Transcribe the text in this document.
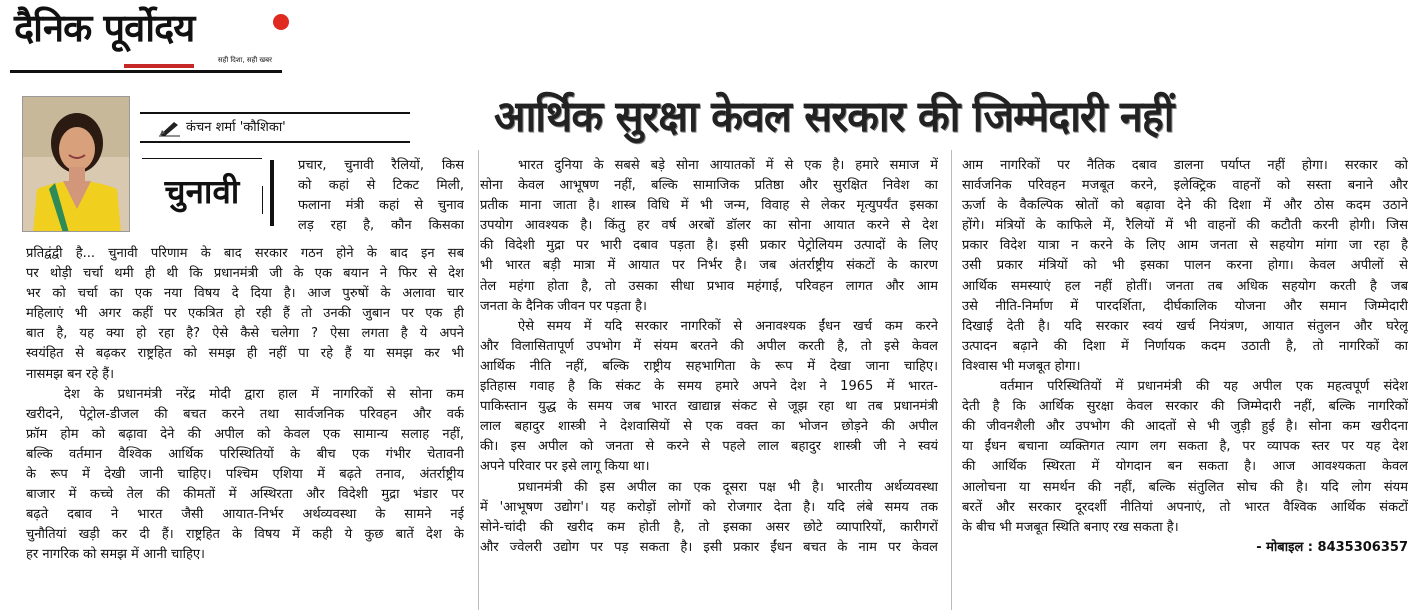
दैनिक पूर्वोदय
सही दिशा, सही खबर
आर्थिक सुरक्षा केवल सरकार की जिम्मेदारी नहीं
कंचन शर्मा 'कौशिका'
चुनावी
प्रचार, चुनावी रैलियों, किस
को कहां से टिकट मिली,
फलाना मंत्री कहां से चुनाव
लड़ रहा है, कौन किसका
प्रतिद्वंद्वी है... चुनावी परिणाम के बाद सरकार गठन होने के बाद इन सब
पर थोड़ी चर्चा थमी ही थी कि प्रधानमंत्री जी के एक बयान ने फिर से देश
भर को चर्चा का एक नया विषय दे दिया है। आज पुरुषों के अलावा चार
महिलाएं भी अगर कहीं पर एकत्रित हो रही हैं तो उनकी जुबान पर एक ही
बात है, यह क्या हो रहा है? ऐसे कैसे चलेगा ? ऐसा लगता है ये अपने
स्वयंहित से बढ़कर राष्ट्रहित को समझ ही नहीं पा रहे हैं या समझ कर भी
नासमझ बन रहे हैं।
देश के प्रधानमंत्री नरेंद्र मोदी द्वारा हाल में नागरिकों से सोना कम
खरीदने, पेट्रोल-डीजल की बचत करने तथा सार्वजनिक परिवहन और वर्क
फ्रॉम होम को बढ़ावा देने की अपील को केवल एक सामान्य सलाह नहीं,
बल्कि वर्तमान वैश्विक आर्थिक परिस्थितियों के बीच एक गंभीर चेतावनी
के रूप में देखी जानी चाहिए। पश्चिम एशिया में बढ़ते तनाव, अंतर्राष्ट्रीय
बाजार में कच्चे तेल की कीमतों में अस्थिरता और विदेशी मुद्रा भंडार पर
बढ़ते दबाव ने भारत जैसी आयात-निर्भर अर्थव्यवस्था के सामने नई
चुनौतियां खड़ी कर दी हैं। राष्ट्रहित के विषय में कही ये कुछ बातें देश के
हर नागरिक को समझ में आनी चाहिए।
भारत दुनिया के सबसे बड़े सोना आयातकों में से एक है। हमारे समाज में
सोना केवल आभूषण नहीं, बल्कि सामाजिक प्रतिष्ठा और सुरक्षित निवेश का
प्रतीक माना जाता है। शास्त्र विधि में भी जन्म, विवाह से लेकर मृत्युपर्यंत इसका
उपयोग आवश्यक है। किंतु हर वर्ष अरबों डॉलर का सोना आयात करने से देश
की विदेशी मुद्रा पर भारी दबाव पड़ता है। इसी प्रकार पेट्रोलियम उत्पादों के लिए
भी भारत बड़ी मात्रा में आयात पर निर्भर है। जब अंतर्राष्ट्रीय संकटों के कारण
तेल महंगा होता है, तो उसका सीधा प्रभाव महंगाई, परिवहन लागत और आम
जनता के दैनिक जीवन पर पड़ता है।
ऐसे समय में यदि सरकार नागरिकों से अनावश्यक ईंधन खर्च कम करने
और विलासितापूर्ण उपभोग में संयम बरतने की अपील करती है, तो इसे केवल
आर्थिक नीति नहीं, बल्कि राष्ट्रीय सहभागिता के रूप में देखा जाना चाहिए।
इतिहास गवाह है कि संकट के समय हमारे अपने देश ने 1965 में भारत-
पाकिस्तान युद्ध के समय जब भारत खाद्यान्न संकट से जूझ रहा था तब प्रधानमंत्री
लाल बहादुर शास्त्री ने देशवासियों से एक वक्त का भोजन छोड़ने की अपील
की। इस अपील को जनता से करने से पहले लाल बहादुर शास्त्री जी ने स्वयं
अपने परिवार पर इसे लागू किया था।
प्रधानमंत्री की इस अपील का एक दूसरा पक्ष भी है। भारतीय अर्थव्यवस्था
में 'आभूषण उद्योग'। यह करोड़ों लोगों को रोजगार देता है। यदि लंबे समय तक
सोने-चांदी की खरीद कम होती है, तो इसका असर छोटे व्यापारियों, कारीगरों
और ज्वेलरी उद्योग पर पड़ सकता है। इसी प्रकार ईंधन बचत के नाम पर केवल
आम नागरिकों पर नैतिक दबाव डालना पर्याप्त नहीं होगा। सरकार को
सार्वजनिक परिवहन मजबूत करने, इलेक्ट्रिक वाहनों को सस्ता बनाने और
ऊर्जा के वैकल्पिक स्रोतों को बढ़ावा देने की दिशा में और ठोस कदम उठाने
होंगे। मंत्रियों के काफिले में, रैलियों में भी वाहनों की कटौती करनी होगी। जिस
प्रकार विदेश यात्रा न करने के लिए आम जनता से सहयोग मांगा जा रहा है
उसी प्रकार मंत्रियों को भी इसका पालन करना होगा। केवल अपीलों से
आर्थिक समस्याएं हल नहीं होतीं। जनता तब अधिक सहयोग करती है जब
उसे नीति-निर्माण में पारदर्शिता, दीर्घकालिक योजना और समान जिम्मेदारी
दिखाई देती है। यदि सरकार स्वयं खर्च नियंत्रण, आयात संतुलन और घरेलू
उत्पादन बढ़ाने की दिशा में निर्णायक कदम उठाती है, तो नागरिकों का
विश्वास भी मजबूत होगा।
वर्तमान परिस्थितियों में प्रधानमंत्री की यह अपील एक महत्वपूर्ण संदेश
देती है कि आर्थिक सुरक्षा केवल सरकार की जिम्मेदारी नहीं, बल्कि नागरिकों
की जीवनशैली और उपभोग की आदतों से भी जुड़ी हुई है। सोना कम खरीदना
या ईंधन बचाना व्यक्तिगत त्याग लग सकता है, पर व्यापक स्तर पर यह देश
की आर्थिक स्थिरता में योगदान बन सकता है। आज आवश्यकता केवल
आलोचना या समर्थन की नहीं, बल्कि संतुलित सोच की है। यदि लोग संयम
बरतें और सरकार दूरदर्शी नीतियां अपनाएं, तो भारत वैश्विक आर्थिक संकटों
के बीच भी मजबूत स्थिति बनाए रख सकता है।
- मोबाइल : 8435306357
